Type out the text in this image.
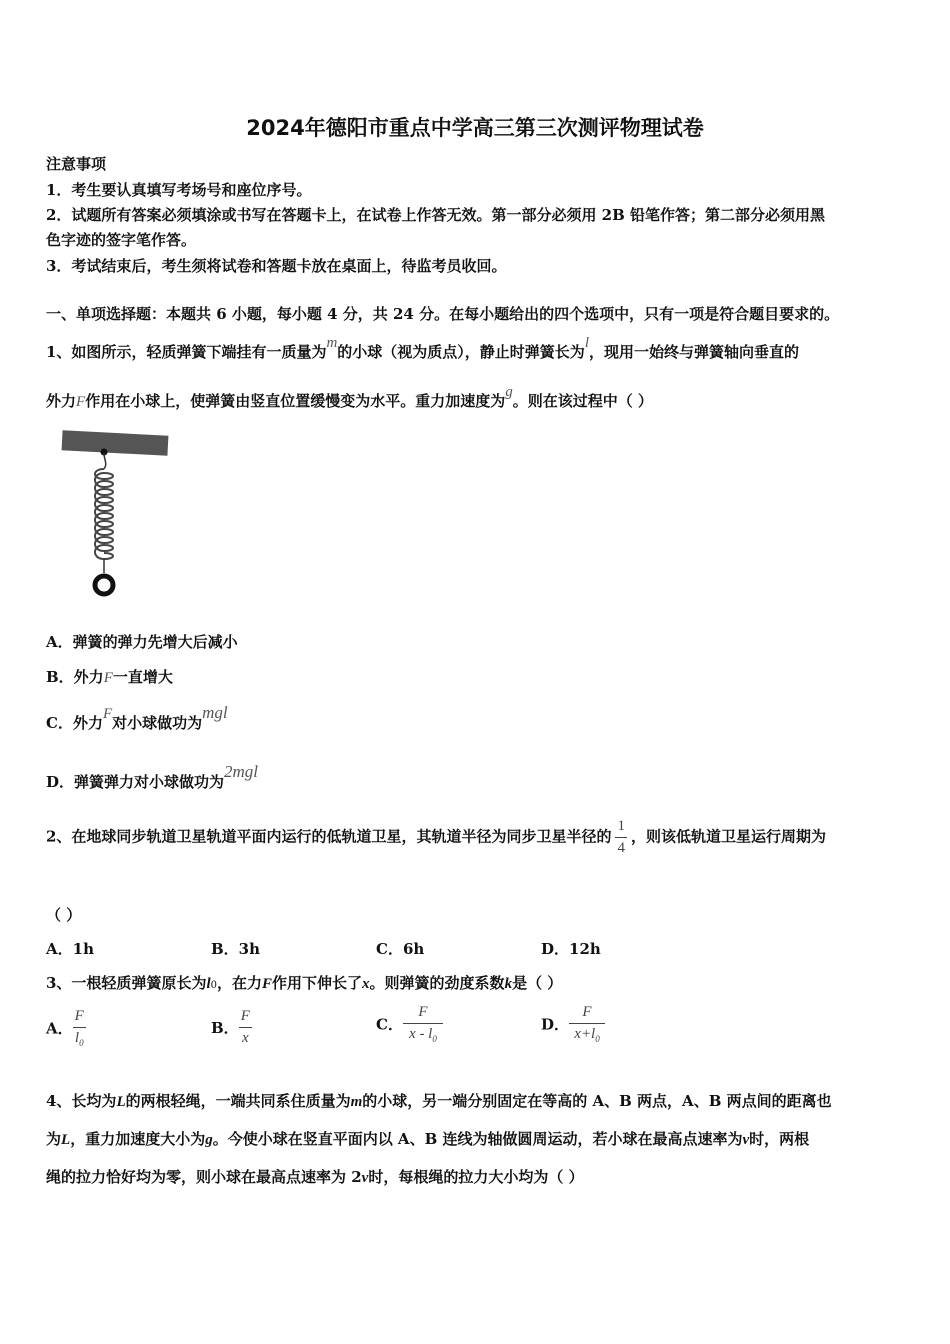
2024年德阳市重点中学高三第三次测评物理试卷
注意事项
1．考生要认真填写考场号和座位序号。
2．试题所有答案必须填涂或书写在答题卡上，在试卷上作答无效。第一部分必须用 2B 铅笔作答；第二部分必须用黑
色字迹的签字笔作答。
3．考试结束后，考生须将试卷和答题卡放在桌面上，待监考员收回。
一、单项选择题：本题共 6 小题，每小题 4 分，共 24 分。在每小题给出的四个选项中，只有一项是符合题目要求的。
1、如图所示，轻质弹簧下端挂有一质量为m的小球（视为质点），静止时弹簧长为l，现用一始终与弹簧轴向垂直的
外力F作用在小球上，使弹簧由竖直位置缓慢变为水平。重力加速度为g。则在该过程中（ ）
A．弹簧的弹力先增大后减小
B．外力F一直增大
C．外力F对小球做功为mgl
D．弹簧弹力对小球做功为2mgl
2、在地球同步轨道卫星轨道平面内运行的低轨道卫星，其轨道半径为同步卫星半径的 $\frac{1}{4}$ ，则该低轨道卫星运行周期为
（ ）
A．1h	B．3h	C．6h	D．12h
3、一根轻质弹簧原长为l0，在力F作用下伸长了x。则弹簧的劲度系数k是（ ）
A． $\frac{F}{l_0}$	B． $\frac{F}{x}$	C． $\frac{F}{x - l_0}$	D． $\frac{F}{x+l_0}$
4、长均为L的两根轻绳，一端共同系住质量为m的小球，另一端分别固定在等高的 A、B 两点，A、B 两点间的距离也
为L，重力加速度大小为g。今使小球在竖直平面内以 A、B 连线为轴做圆周运动，若小球在最高点速率为v时，两根
绳的拉力恰好均为零，则小球在最高点速率为 2v时，每根绳的拉力大小均为（ ）
